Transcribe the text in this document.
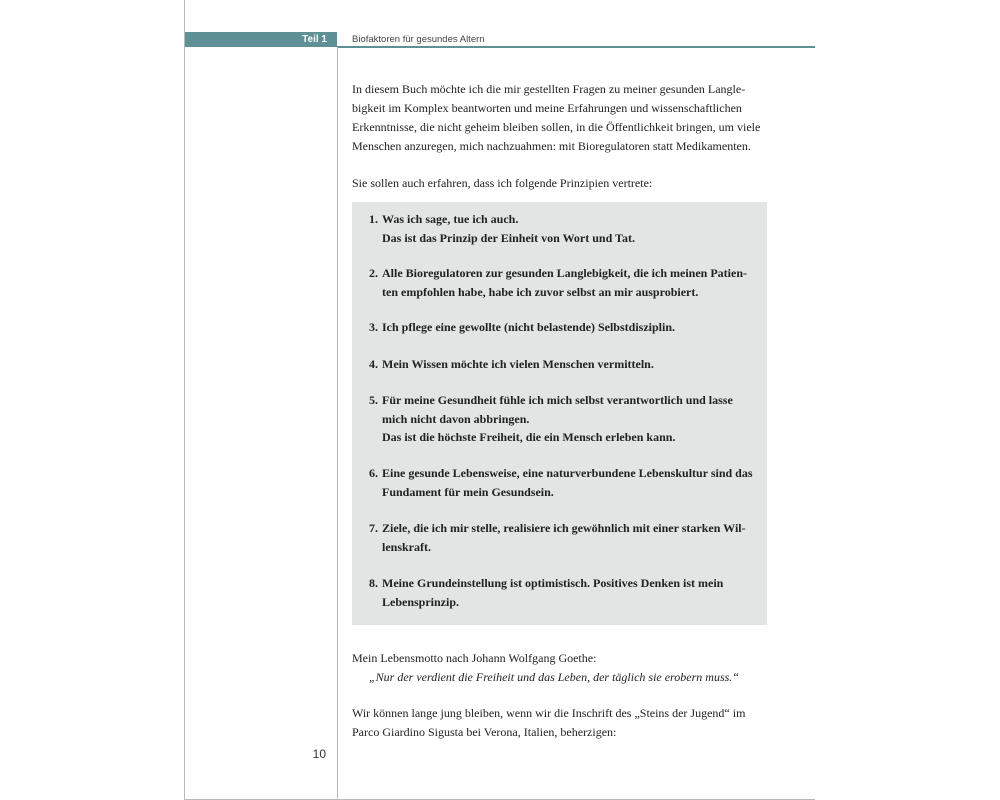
Teil 1	Biofaktoren für gesundes Altern
In diesem Buch möchte ich die mir gestellten Fragen zu meiner gesunden Langle-
bigkeit im Komplex beantworten und meine Erfahrungen und wissenschaftlichen
Erkenntnisse, die nicht geheim bleiben sollen, in die Öffentlichkeit bringen, um viele
Menschen anzuregen, mich nachzuahmen: mit Bioregulatoren statt Medikamenten.
Sie sollen auch erfahren, dass ich folgende Prinzipien vertrete:
1. Was ich sage, tue ich auch.
Das ist das Prinzip der Einheit von Wort und Tat.
2. Alle Bioregulatoren zur gesunden Langlebigkeit, die ich meinen Patien-
ten empfohlen habe, habe ich zuvor selbst an mir ausprobiert.
3. Ich pflege eine gewollte (nicht belastende) Selbstdisziplin.
4. Mein Wissen möchte ich vielen Menschen vermitteln.
5. Für meine Gesundheit fühle ich mich selbst verantwortlich und lasse
mich nicht davon abbringen.
Das ist die höchste Freiheit, die ein Mensch erleben kann.
6. Eine gesunde Lebensweise, eine naturverbundene Lebenskultur sind das
Fundament für mein Gesundsein.
7. Ziele, die ich mir stelle, realisiere ich gewöhnlich mit einer starken Wil-
lenskraft.
8. Meine Grundeinstellung ist optimistisch. Positives Denken ist mein
Lebensprinzip.
Mein Lebensmotto nach Johann Wolfgang Goethe:
„Nur der verdient die Freiheit und das Leben, der täglich sie erobern muss.“
Wir können lange jung bleiben, wenn wir die Inschrift des „Steins der Jugend“ im
Parco Giardino Sigusta bei Verona, Italien, beherzigen:
10
